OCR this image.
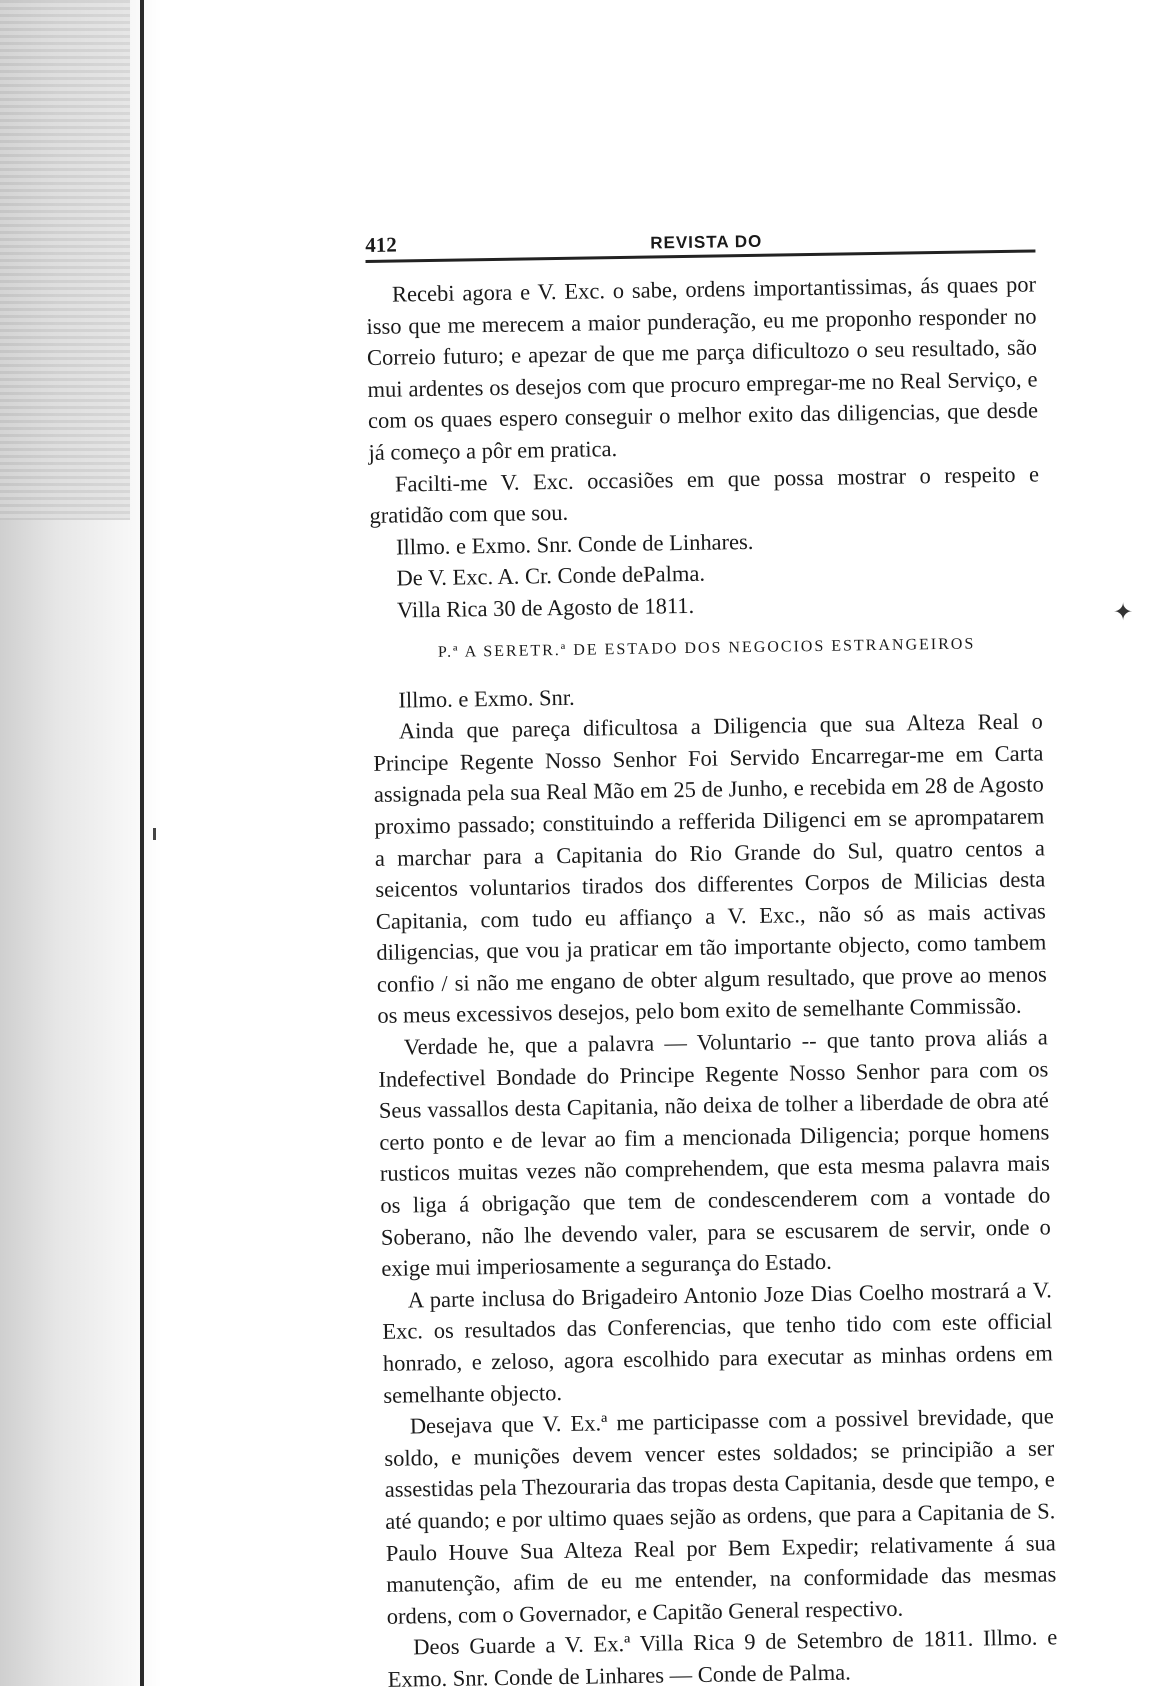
412	REVISTA DO

Recebi agora e V. Exc. o sabe, ordens importantissimas, ás quaes por isso que me merecem a maior punderação, eu me proponho responder no Correio futuro; e apezar de que me parça dificultozo o seu resultado, são mui ardentes os desejos com que procuro empregar-me no Real Serviço, e com os quaes espero conseguir o melhor exito das diligencias, que desde já começo a pôr em pratica.

Facilti-me V. Exc. occasiões em que possa mostrar o respeito e gratidão com que sou.

Illmo. e Exmo. Snr. Conde de Linhares.

De V. Exc. A. Cr. Conde dePalma.

Villa Rica 30 de Agosto de 1811.

P.ª A SERETR.ª DE ESTADO DOS NEGOCIOS ESTRANGEIROS

Illmo. e Exmo. Snr.

Ainda que pareça dificultosa a Diligencia que sua Alteza Real o Principe Regente Nosso Senhor Foi Servido Encarregar-me em Carta assignada pela sua Real Mão em 25 de Junho, e recebida em 28 de Agosto proximo passado; constituindo a refferida Diligenci em se aprompatarem a marchar para a Capitania do Rio Grande do Sul, quatro centos a seicentos voluntarios tirados dos differentes Corpos de Milicias desta Capitania, com tudo eu affianço a V. Exc., não só as mais activas diligencias, que vou ja praticar em tão importante objecto, como tambem confio / si não me engano de obter algum resultado, que prove ao menos os meus excessivos desejos, pelo bom exito de semelhante Commissão.

Verdade he, que a palavra — Voluntario -- que tanto prova aliás a Indefectivel Bondade do Principe Regente Nosso Senhor para com os Seus vassallos desta Capitania, não deixa de tolher a liberdade de obra até certo ponto e de levar ao fim a mencionada Diligencia; porque homens rusticos muitas vezes não comprehendem, que esta mesma palavra mais os liga á obrigação que tem de condescenderem com a vontade do Soberano, não lhe devendo valer, para se escusarem de servir, onde o exige mui imperiosamente a segurança do Estado.

A parte inclusa do Brigadeiro Antonio Joze Dias Coelho mostrará a V. Exc. os resultados das Conferencias, que tenho tido com este official honrado, e zeloso, agora escolhido para executar as minhas ordens em semelhante objecto.

Desejava que V. Ex.ª me participasse com a possivel brevidade, que soldo, e munições devem vencer estes soldados; se principião a ser assestidas pela Thezouraria das tropas desta Capitania, desde que tempo, e até quando; e por ultimo quaes sejão as ordens, que para a Capitania de S. Paulo Houve Sua Alteza Real por Bem Expedir; relativamente á sua manutenção, afim de eu me entender, na conformidade das mesmas ordens, com o Governador, e Capitão General respectivo.

Deos Guarde a V. Ex.ª Villa Rica 9 de Setembro de 1811. Illmo. e Exmo. Snr. Conde de Linhares — Conde de Palma.

✦
